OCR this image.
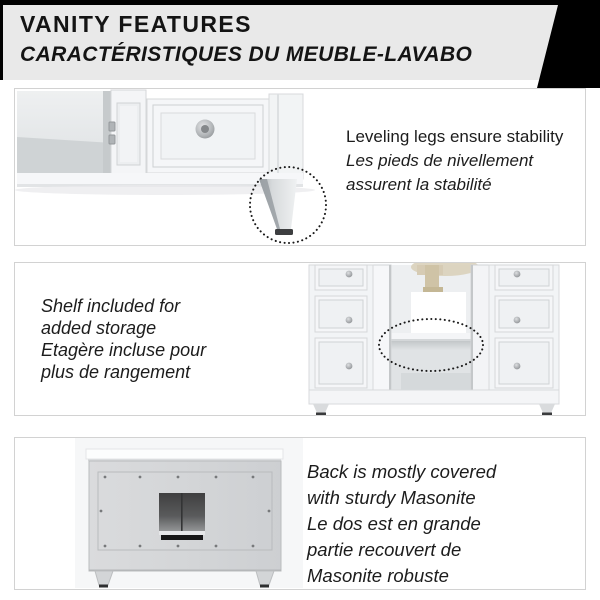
VANITY FEATURES
CARACTÉRISTIQUES DU MEUBLE-LAVABO

Leveling legs ensure stability
Les pieds de nivellement
assurent la stabilité

Shelf included for
added storage
Etagère incluse pour
plus de rangement

Back is mostly covered
with sturdy Masonite
Le dos est en grande
partie recouvert de
Masonite robuste
